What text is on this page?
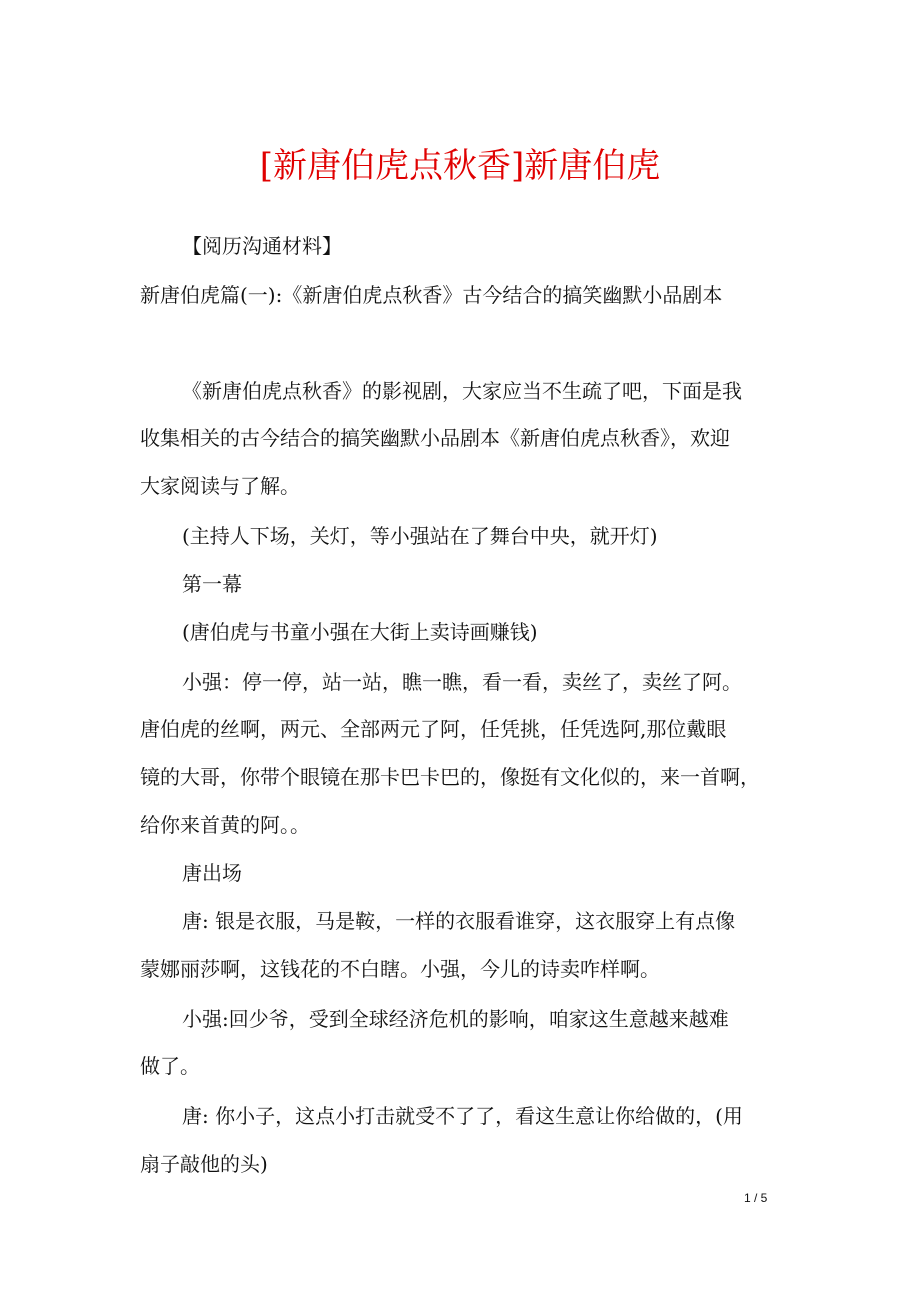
[新唐伯虎点秋香]新唐伯虎
【阅历沟通材料】
新唐伯虎篇(一):《新唐伯虎点秋香》古今结合的搞笑幽默小品剧本
《新唐伯虎点秋香》的影视剧，大家应当不生疏了吧，下面是我
收集相关的古今结合的搞笑幽默小品剧本《新唐伯虎点秋香》，欢迎
大家阅读与了解。
(主持人下场，关灯，等小强站在了舞台中央，就开灯)
第一幕
(唐伯虎与书童小强在大街上卖诗画赚钱)
小强：停一停，站一站，瞧一瞧，看一看，卖丝了，卖丝了阿。
唐伯虎的丝啊，两元、全部两元了阿，任凭挑，任凭选阿,那位戴眼
镜的大哥，你带个眼镜在那卡巴卡巴的，像挺有文化似的，来一首啊，
给你来首黄的阿。。
唐出场
唐: 银是衣服，马是鞍，一样的衣服看谁穿，这衣服穿上有点像
蒙娜丽莎啊，这钱花的不白瞎。小强，今儿的诗卖咋样啊。
小强:回少爷，受到全球经济危机的影响，咱家这生意越来越难
做了。
唐: 你小子，这点小打击就受不了了，看这生意让你给做的，(用
扇子敲他的头)
1 / 5
